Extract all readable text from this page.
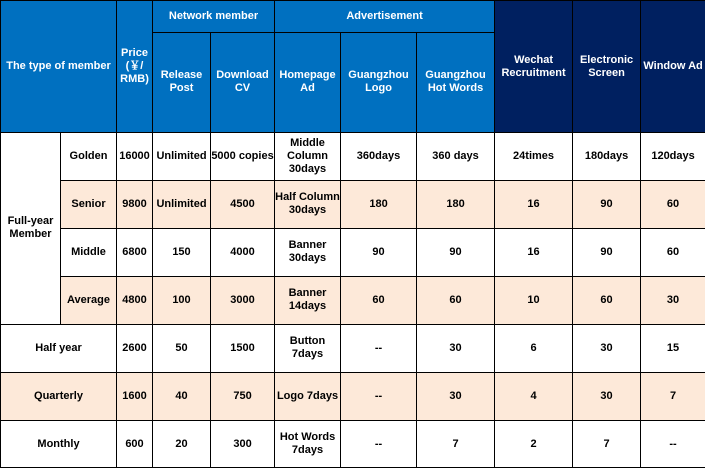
The type of member		Price (￥/ RMB)	Network member		Advertisement			Wechat Recruitment	Electronic Screen	Window Ad
			Release Post	Download CV	Homepage Ad	Guangzhou Logo	Guangzhou Hot Words			
Full-year Member	Golden	16000	Unlimited	5000 copies	Middle Column 30days	360days	360 days	24times	180days	120days
	Senior	9800	Unlimited	4500	Half Column 30days	180	180	16	90	60
	Middle	6800	150	4000	Banner 30days	90	90	16	90	60
	Average	4800	100	3000	Banner 14days	60	60	10	60	30
Half year		2600	50	1500	Button 7days	--	30	6	30	15
Quarterly		1600	40	750	Logo 7days	--	30	4	30	7
Monthly		600	20	300	Hot Words 7days	--	7	2	7	--
